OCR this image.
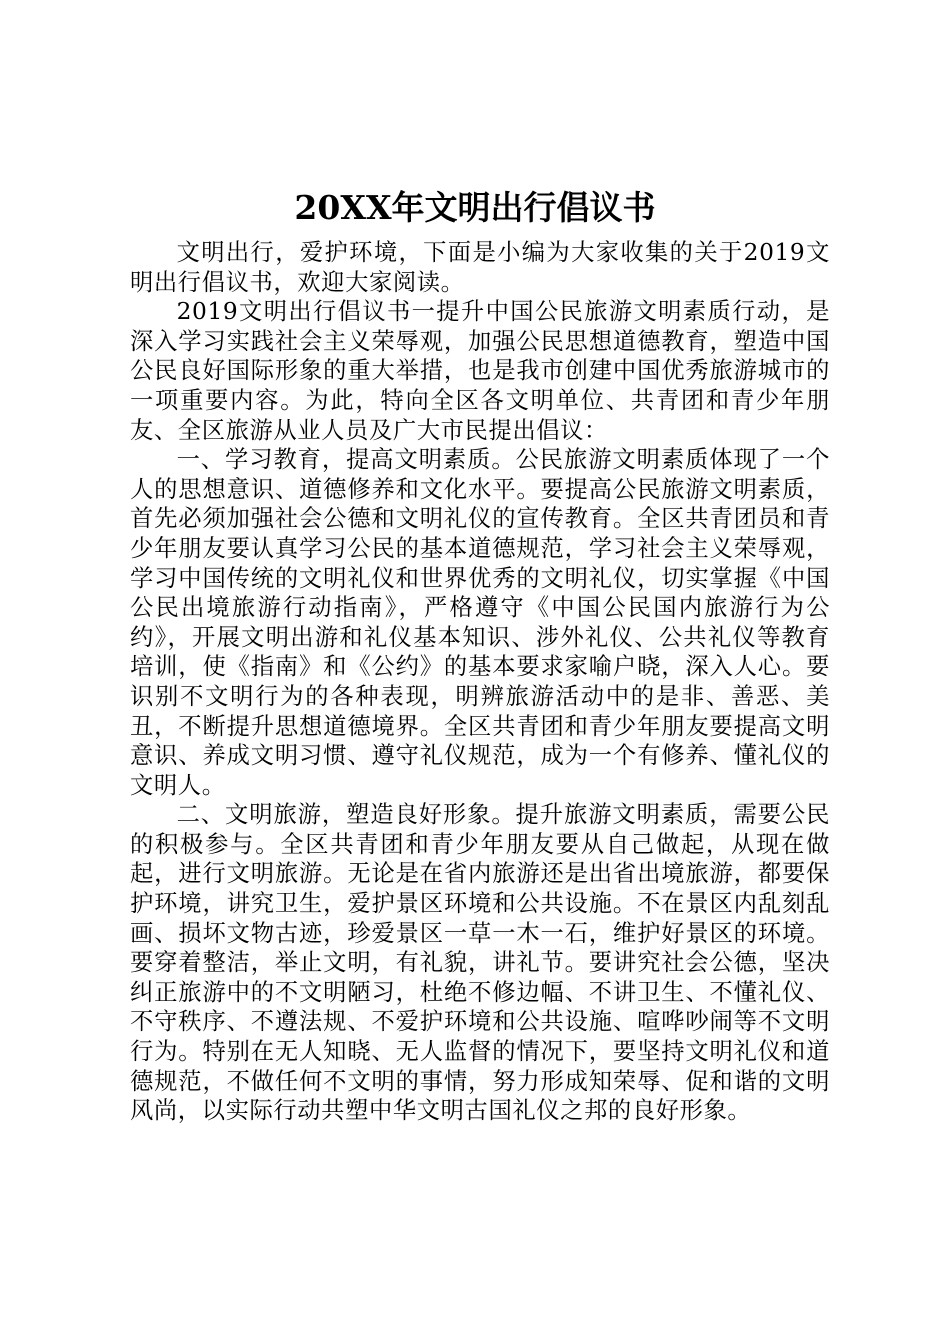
20XX年文明出行倡议书

文明出行，爱护环境，下面是小编为大家收集的关于2019文明出行倡议书，欢迎大家阅读。

2019文明出行倡议书一提升中国公民旅游文明素质行动，是深入学习实践社会主义荣辱观，加强公民思想道德教育，塑造中国公民良好国际形象的重大举措，也是我市创建中国优秀旅游城市的一项重要内容。为此，特向全区各文明单位、共青团和青少年朋友、全区旅游从业人员及广大市民提出倡议：

一、学习教育，提高文明素质。公民旅游文明素质体现了一个人的思想意识、道德修养和文化水平。要提高公民旅游文明素质，首先必须加强社会公德和文明礼仪的宣传教育。全区共青团员和青少年朋友要认真学习公民的基本道德规范，学习社会主义荣辱观，学习中国传统的文明礼仪和世界优秀的文明礼仪，切实掌握《中国公民出境旅游行动指南》，严格遵守《中国公民国内旅游行为公约》，开展文明出游和礼仪基本知识、涉外礼仪、公共礼仪等教育培训，使《指南》和《公约》的基本要求家喻户晓，深入人心。要识别不文明行为的各种表现，明辨旅游活动中的是非、善恶、美丑，不断提升思想道德境界。全区共青团和青少年朋友要提高文明意识、养成文明习惯、遵守礼仪规范，成为一个有修养、懂礼仪的文明人。

二、文明旅游，塑造良好形象。提升旅游文明素质，需要公民的积极参与。全区共青团和青少年朋友要从自己做起，从现在做起，进行文明旅游。无论是在省内旅游还是出省出境旅游，都要保护环境，讲究卫生，爱护景区环境和公共设施。不在景区内乱刻乱画、损坏文物古迹，珍爱景区一草一木一石，维护好景区的环境。要穿着整洁，举止文明，有礼貌，讲礼节。要讲究社会公德，坚决纠正旅游中的不文明陋习，杜绝不修边幅、不讲卫生、不懂礼仪、不守秩序、不遵法规、不爱护环境和公共设施、喧哗吵闹等不文明行为。特别在无人知晓、无人监督的情况下，要坚持文明礼仪和道德规范，不做任何不文明的事情，努力形成知荣辱、促和谐的文明风尚，以实际行动共塑中华文明古国礼仪之邦的良好形象。
